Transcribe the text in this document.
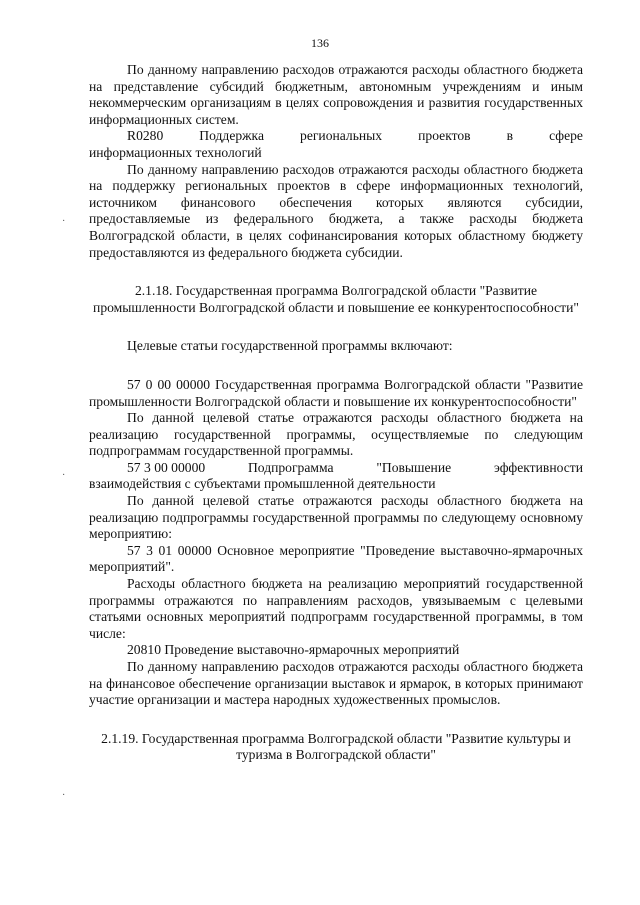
136

По данному направлению расходов отражаются расходы областного бюджета на представление субсидий бюджетным, автономным учреждениям и иным некоммерческим организациям в целях сопровождения и развития государственных информационных систем.

R0280	Поддержка	региональных	проектов	в	сфере

информационных технологий

По данному направлению расходов отражаются расходы областного бюджета на поддержку региональных проектов в сфере информационных технологий, источником финансового обеспечения которых являются субсидии, предоставляемые из федерального бюджета, а также расходы бюджета Волгоградской области, в целях софинансирования которых областному бюджету предоставляются из федерального бюджета субсидии.

2.1.18. Государственная программа Волгоградской области "Развитие промышленности Волгоградской области и повышение ее конкурентоспособности"

Целевые статьи государственной программы включают:

57 0 00 00000 Государственная программа Волгоградской области "Развитие промышленности Волгоградской области и повышение их конкурентоспособности"

По данной целевой статье отражаются расходы областного бюджета на реализацию государственной программы, осуществляемые по следующим подпрограммам государственной программы.

57 3 00 00000	Подпрограмма	"Повышение	эффективности

взаимодействия с субъектами промышленной деятельности

По данной целевой статье отражаются расходы областного бюджета на реализацию подпрограммы государственной программы по следующему основному мероприятию:

57 3 01 00000 Основное мероприятие "Проведение выставочно-ярмарочных мероприятий".

Расходы областного бюджета на реализацию мероприятий государственной программы отражаются по направлениям расходов, увязываемым с целевыми статьями основных мероприятий подпрограмм государственной программы, в том числе:

20810 Проведение выставочно-ярмарочных мероприятий

По данному направлению расходов отражаются расходы областного бюджета на финансовое обеспечение организации выставок и ярмарок, в которых принимают участие организации и мастера народных художественных промыслов.

2.1.19. Государственная программа Волгоградской области "Развитие культуры и туризма в Волгоградской области"

·
·
·
